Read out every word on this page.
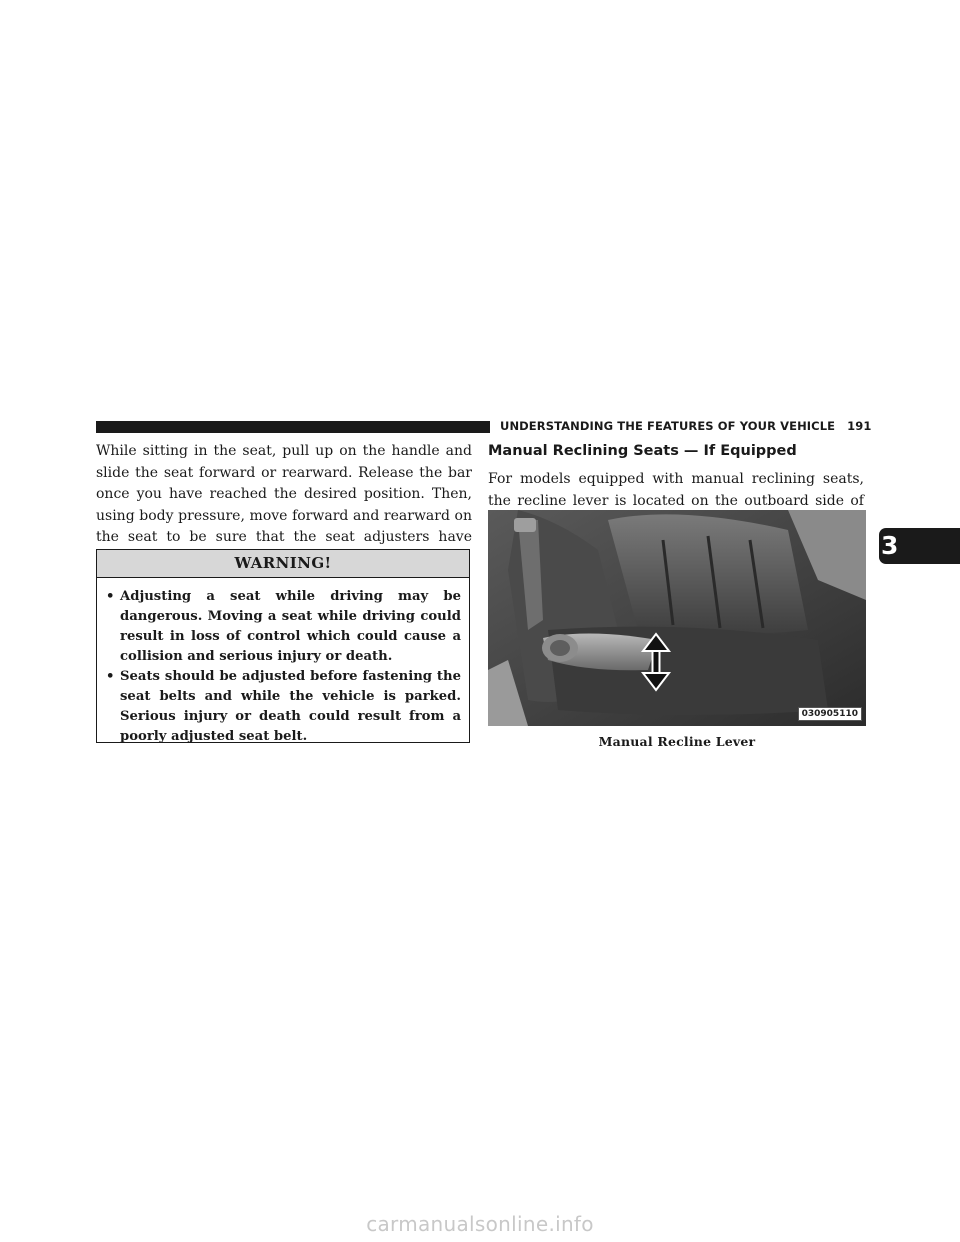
UNDERSTANDING THE FEATURES OF YOUR VEHICLE 191

While sitting in the seat, pull up on the handle and slide the seat forward or rearward. Release the bar once you have reached the desired position. Then, using body pressure, move forward and rearward on the seat to be sure that the seat adjusters have

WARNING!
• Adjusting a seat while driving may be dangerous. Moving a seat while driving could result in loss of control which could cause a collision and serious injury or death.
• Seats should be adjusted before fastening the seat belts and while the vehicle is parked. Serious injury or death could result from a poorly adjusted seat belt.
Manual Reclining Seats — If Equipped

For models equipped with manual reclining seats, the recline lever is located on the outboard side of

030905110
Manual Recline Lever
3
carmanualsonline.info
